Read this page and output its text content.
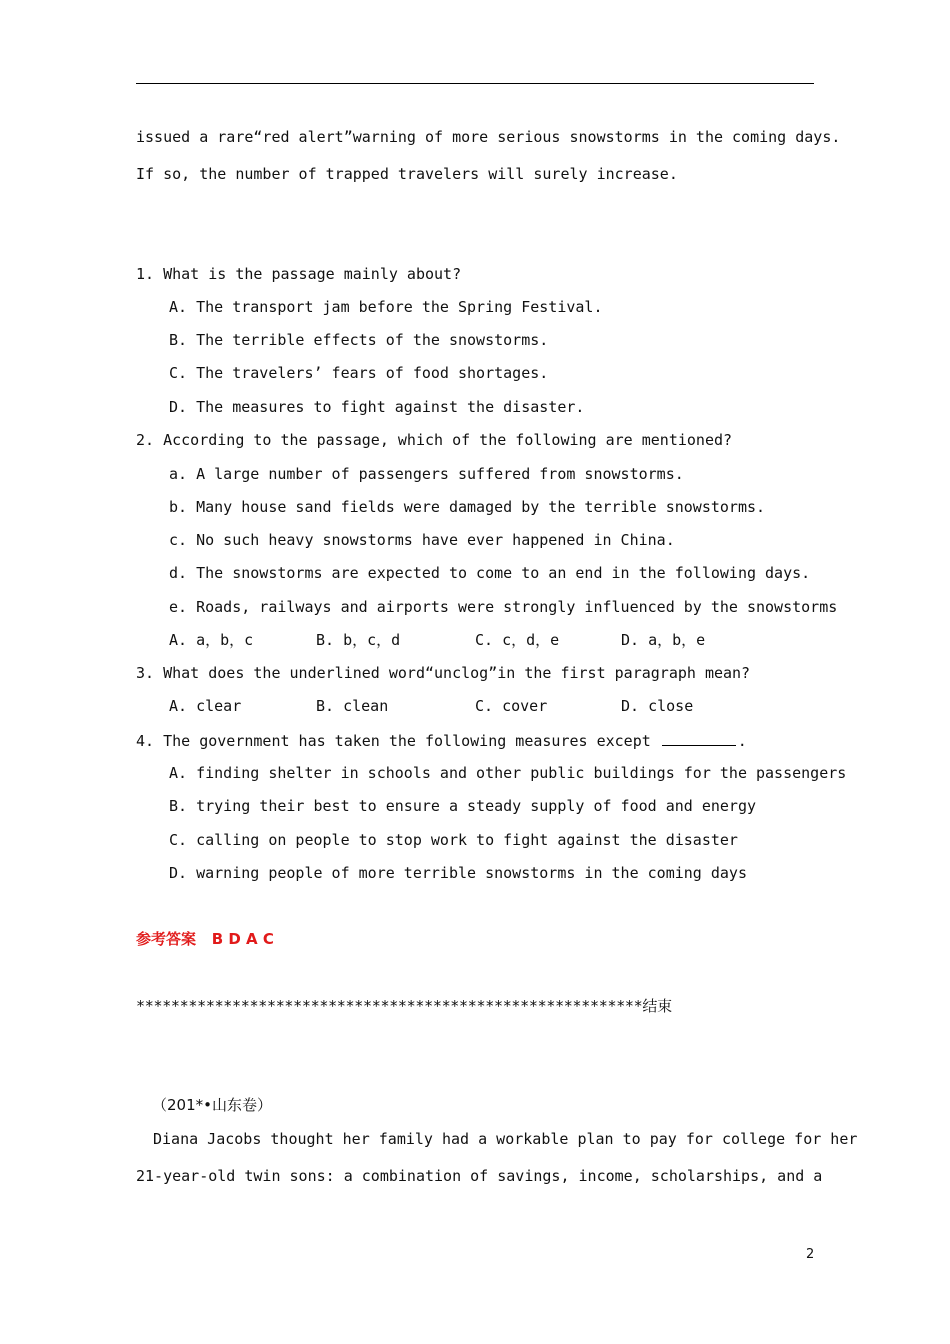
issued a rare“red alert”warning of more serious snowstorms in the coming days.
If so, the number of trapped travelers will surely increase.
1. What is the passage mainly about?
A. The transport jam before the Spring Festival.
B. The terrible effects of the snowstorms.
C. The travelers’ fears of food shortages.
D. The measures to fight against the disaster.
2. According to the passage, which of the following are mentioned?
a. A large number of passengers suffered from snowstorms.
b. Many house sand fields were damaged by the terrible snowstorms.
c. No such heavy snowstorms have ever happened in China.
d. The snowstorms are expected to come to an end in the following days.
e. Roads, railways and airports were strongly influenced by the snowstorms
A. a，b，c	B. b，c，d	C. c，d，e	D. a，b，e
3. What does the underlined word“unclog”in the first paragraph mean?
A. clear	B. clean	C. cover	D. close
4. The government has taken the following measures except	.
A. finding shelter in schools and other public buildings for the passengers
B. trying their best to ensure a steady supply of food and energy
C. calling on people to stop work to fight against the disaster
D. warning people of more terrible snowstorms in the coming days
参考答案 B D A C
**********************************************************结束
（201*•山东卷）
Diana Jacobs thought her family had a workable plan to pay for college for her
21-year-old twin sons: a combination of savings, income, scholarships, and a
2
